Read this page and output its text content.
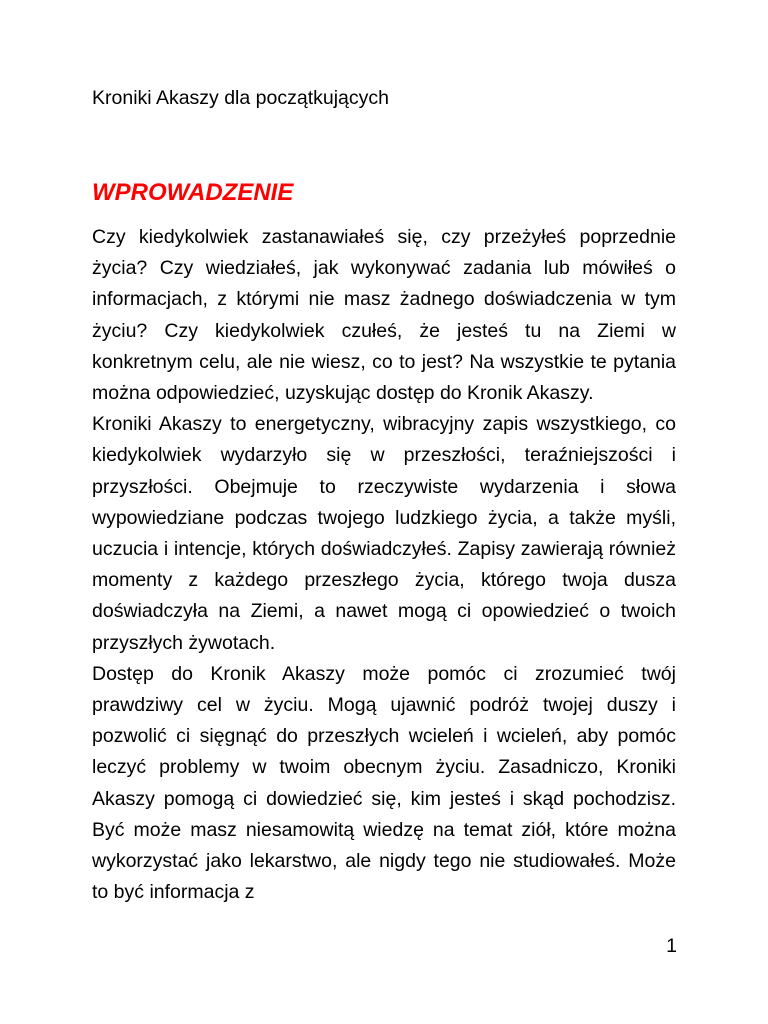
Kroniki Akaszy dla początkujących

WPROWADZENIE

Czy kiedykolwiek zastanawiałeś się, czy przeżyłeś poprzednie życia? Czy wiedziałeś, jak wykonywać zadania lub mówiłeś o informacjach, z którymi nie masz żadnego doświadczenia w tym życiu? Czy kiedykolwiek czułeś, że jesteś tu na Ziemi w konkretnym celu, ale nie wiesz, co to jest? Na wszystkie te pytania można odpowiedzieć, uzyskując dostęp do Kronik Akaszy.

Kroniki Akaszy to energetyczny, wibracyjny zapis wszystkiego, co kiedykolwiek wydarzyło się w przeszłości, teraźniejszości i przyszłości. Obejmuje to rzeczywiste wydarzenia i słowa wypowiedziane podczas twojego ludzkiego życia, a także myśli, uczucia i intencje, których doświadczyłeś. Zapisy zawierają również momenty z każdego przeszłego życia, którego twoja dusza doświadczyła na Ziemi, a nawet mogą ci opowiedzieć o twoich przyszłych żywotach.

Dostęp do Kronik Akaszy może pomóc ci zrozumieć twój prawdziwy cel w życiu. Mogą ujawnić podróż twojej duszy i pozwolić ci sięgnąć do przeszłych wcieleń i wcieleń, aby pomóc leczyć problemy w twoim obecnym życiu. Zasadniczo, Kroniki Akaszy pomogą ci dowiedzieć się, kim jesteś i skąd pochodzisz. Być może masz niesamowitą wiedzę na temat ziół, które można wykorzystać jako lekarstwo, ale nigdy tego nie studiowałeś. Może to być informacja z

1
